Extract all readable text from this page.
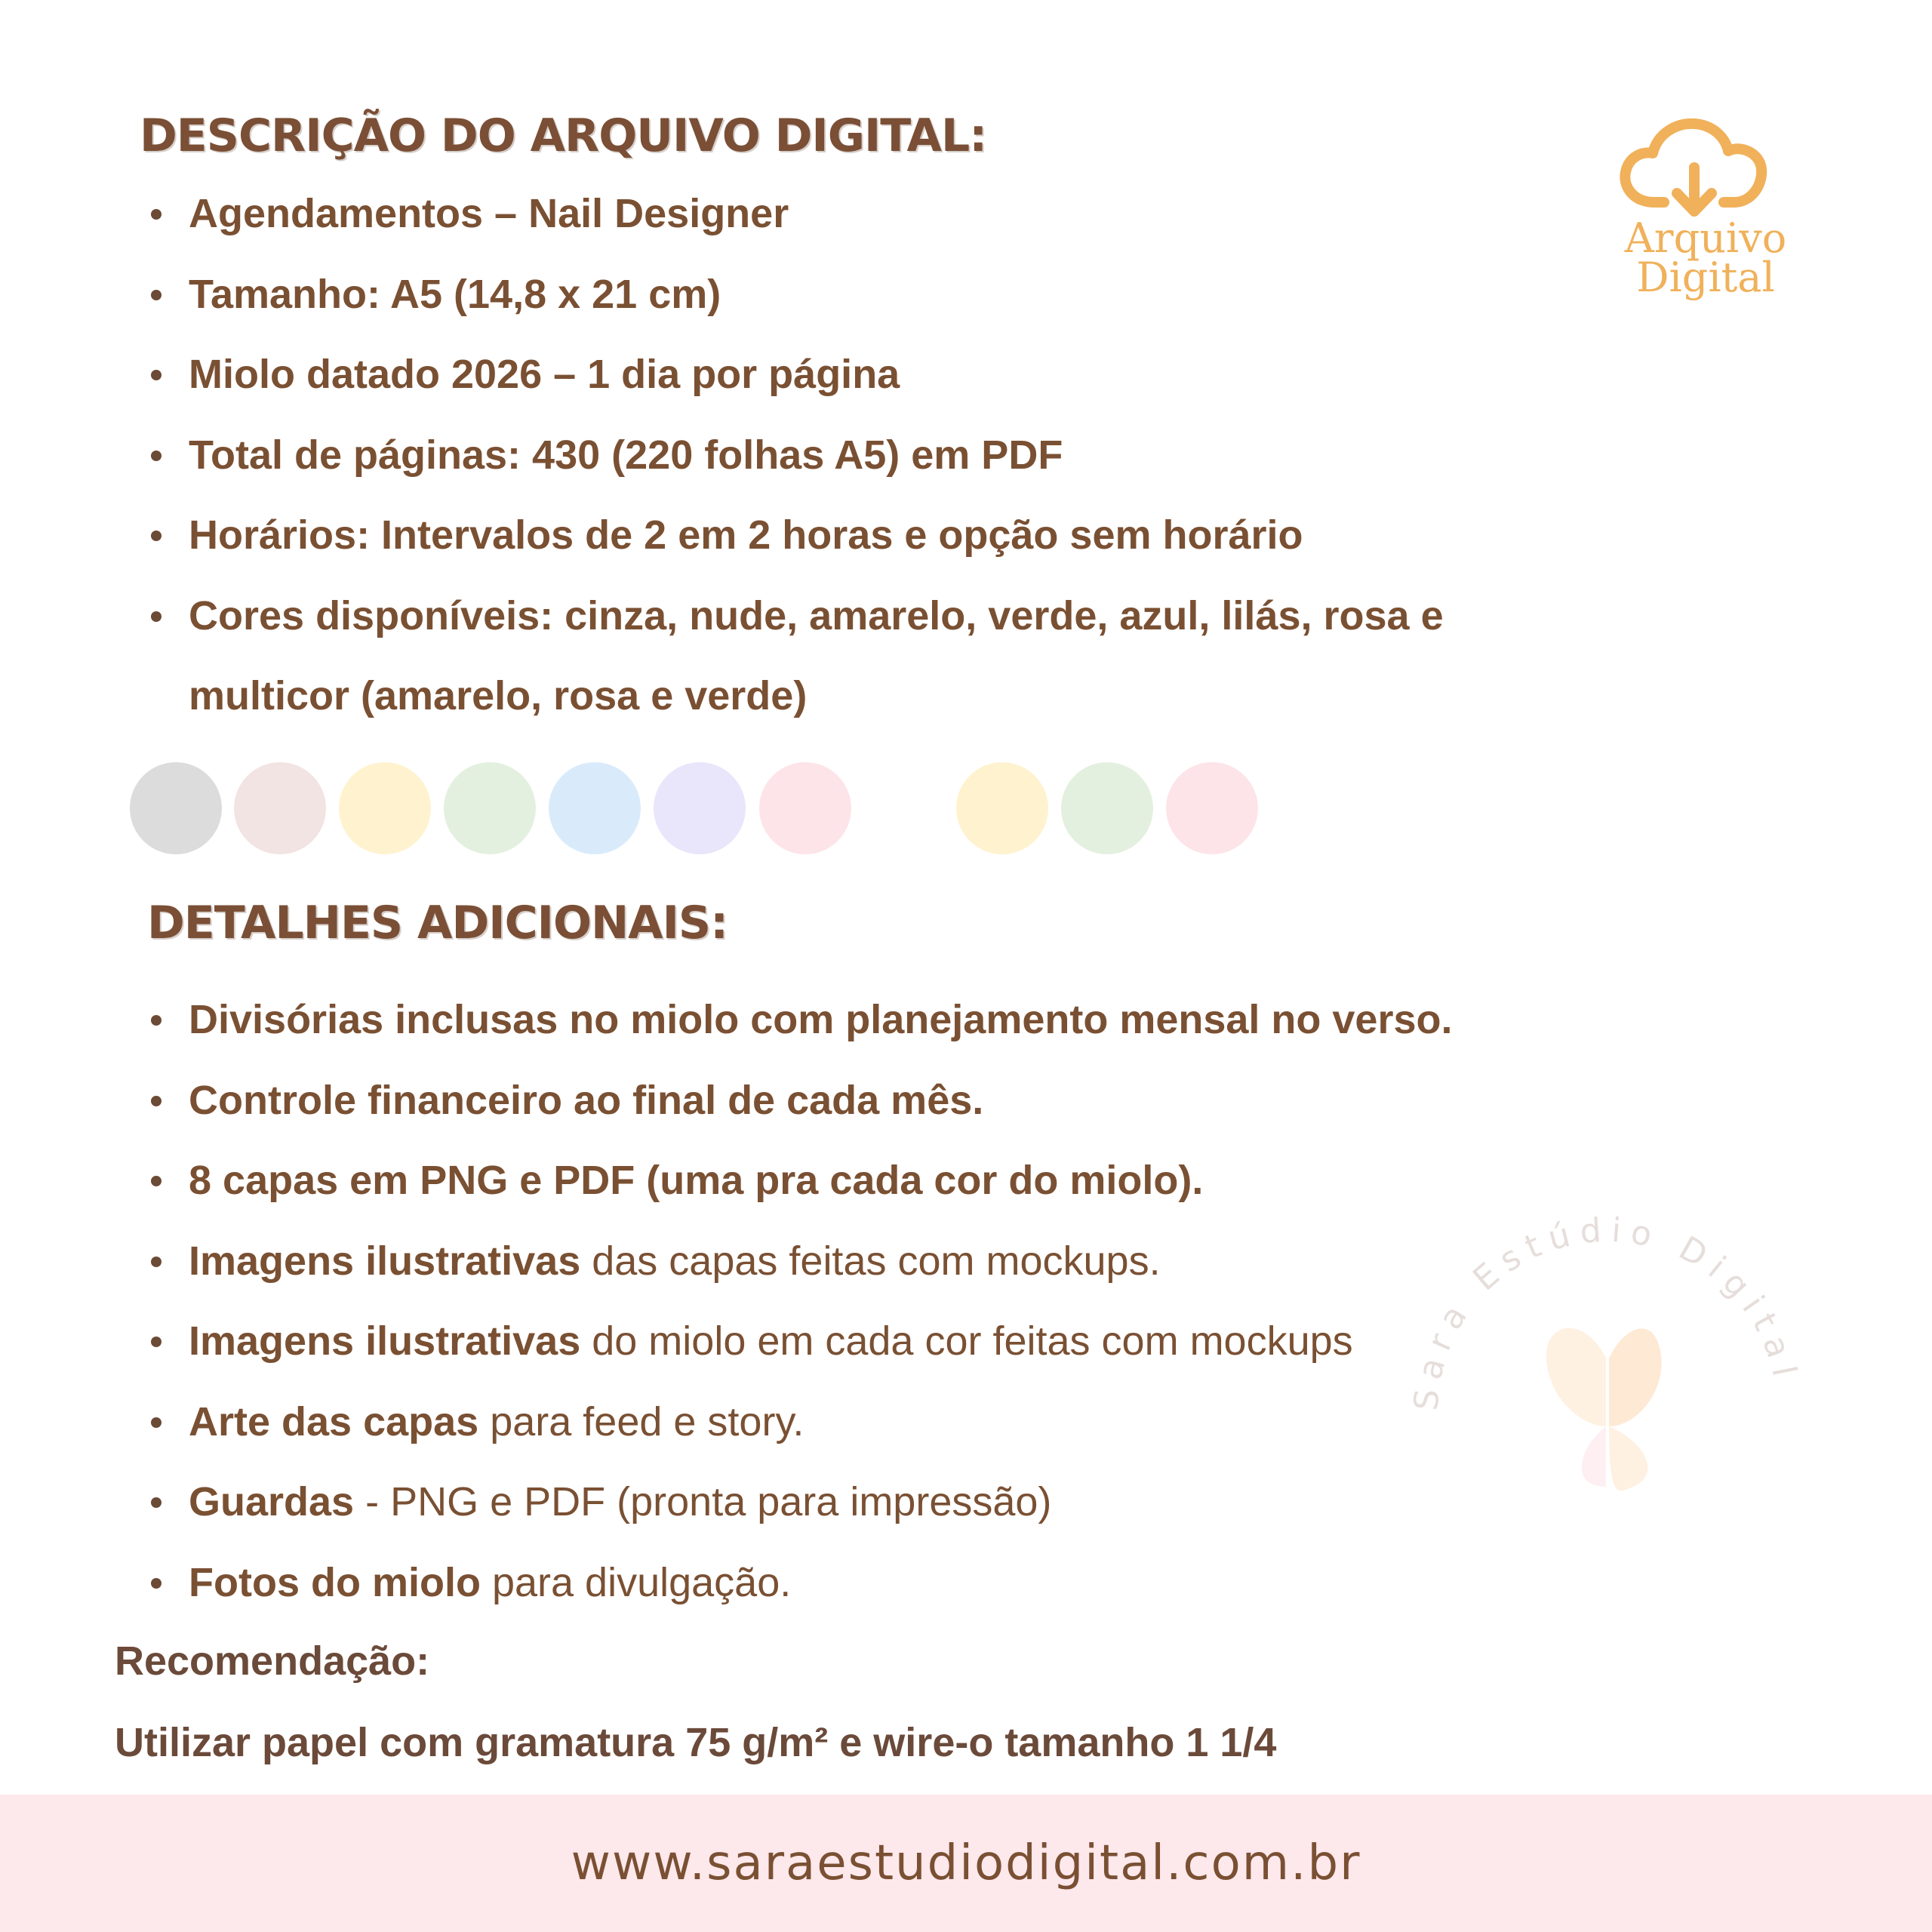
DESCRIÇÃO DO ARQUIVO DIGITAL:
Agendamentos – Nail Designer
Tamanho: A5 (14,8 x 21 cm)
Miolo datado 2026 – 1 dia por página
Total de páginas: 430 (220 folhas A5) em PDF
Horários: Intervalos de 2 em 2 horas e opção sem horário
Cores disponíveis: cinza, nude, amarelo, verde, azul, lilás, rosa e multicor (amarelo, rosa e verde)
DETALHES ADICIONAIS:
Divisórias inclusas no miolo com planejamento mensal no verso.
Controle financeiro ao final de cada mês.
8 capas em PNG e PDF (uma pra cada cor do miolo).
Imagens ilustrativas das capas feitas com mockups.
Imagens ilustrativas do miolo em cada cor feitas com mockups
Arte das capas para feed e story.
Guardas - PNG e PDF (pronta para impressão)
Fotos do miolo para divulgação.
Recomendação:
Utilizar papel com gramatura 75 g/m² e wire-o tamanho 1 1/4
Arquivo
Digital
Sara Estúdio Digital
www.saraestudiodigital.com.br
